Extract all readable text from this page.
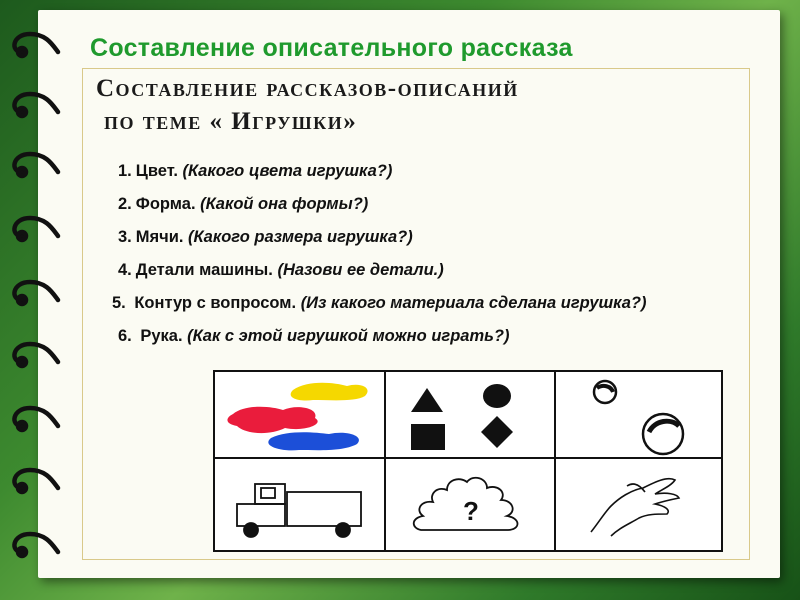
Составление описательного рассказа
Составление рассказов-описаний
по теме « Игрушки»
1. Цвет. (Какого цвета игрушка?)
2. Форма. (Какой она формы?)
3. Мячи. (Какого размера игрушка?)
4. Детали машины. (Назови ее детали.)
5. Контур с вопросом. (Из какого материала сделана игрушка?)
6. Рука. (Как с этой игрушкой можно играть?)
?
